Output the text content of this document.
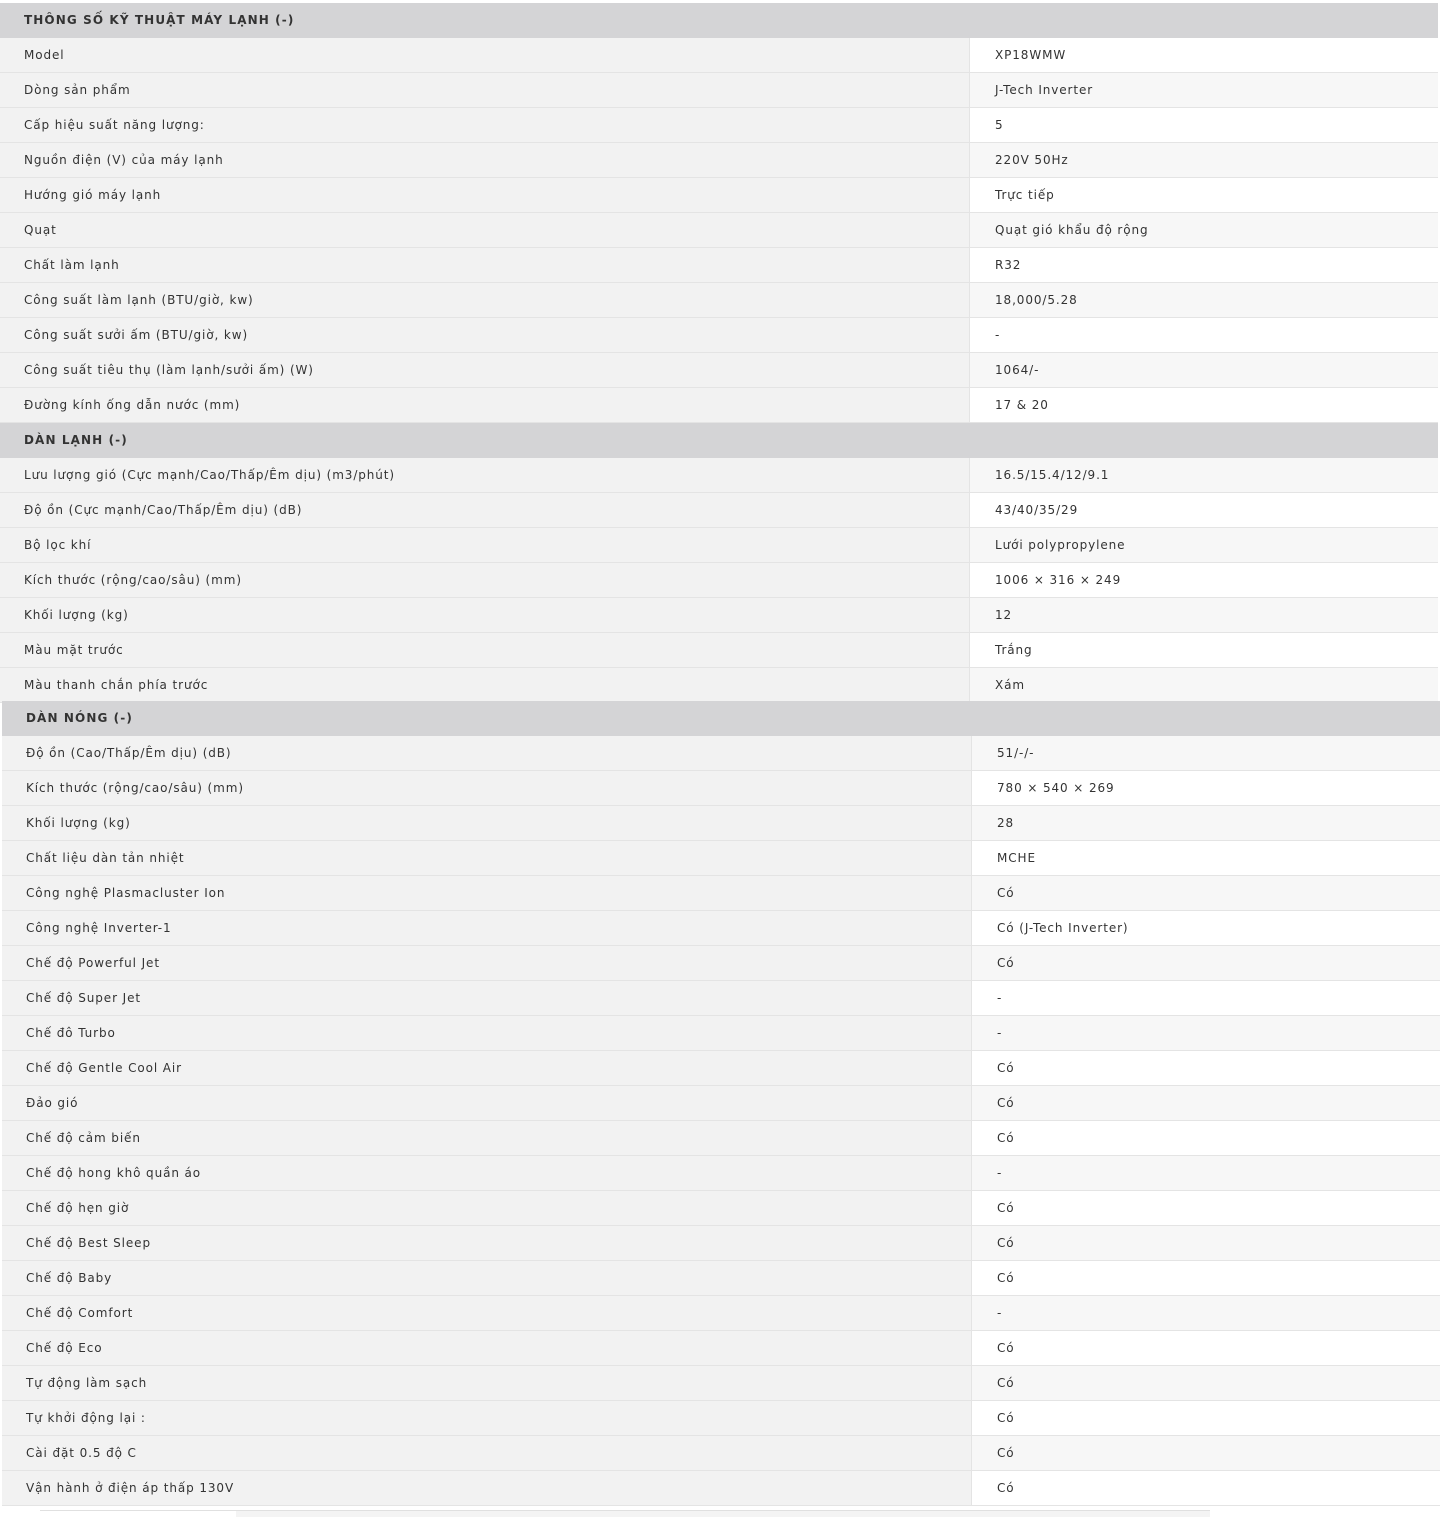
THÔNG SỐ KỸ THUẬT MÁY LẠNH (-)
Model	XP18WMW
Dòng sản phẩm	J-Tech Inverter
Cấp hiệu suất năng lượng:	5
Nguồn điện (V) của máy lạnh	220V 50Hz
Hướng gió máy lạnh	Trực tiếp
Quạt	Quạt gió khẩu độ rộng
Chất làm lạnh	R32
Công suất làm lạnh (BTU/giờ, kw)	18,000/5.28
Công suất sưởi ấm (BTU/giờ, kw)	-
Công suất tiêu thụ (làm lạnh/sưởi ấm) (W)	1064/-
Đường kính ống dẫn nước (mm)	17 & 20
DÀN LẠNH (-)
Lưu lượng gió (Cực mạnh/Cao/Thấp/Êm dịu) (m3/phút)	16.5/15.4/12/9.1
Độ ồn (Cực mạnh/Cao/Thấp/Êm dịu) (dB)	43/40/35/29
Bộ lọc khí	Lưới polypropylene
Kích thước (rộng/cao/sâu) (mm)	1006 × 316 × 249
Khối lượng (kg)	12
Màu mặt trước	Trắng
Màu thanh chắn phía trước	Xám
DÀN NÓNG (-)
Độ ồn (Cao/Thấp/Êm dịu) (dB)	51/-/-
Kích thước (rộng/cao/sâu) (mm)	780 × 540 × 269
Khối lượng (kg)	28
Chất liệu dàn tản nhiệt	MCHE
Công nghệ Plasmacluster Ion	Có
Công nghệ Inverter-1	Có (J-Tech Inverter)
Chế độ Powerful Jet	Có
Chế độ Super Jet	-
Chế đô Turbo	-
Chế độ Gentle Cool Air	Có
Đảo gió	Có
Chế độ cảm biến	Có
Chế độ hong khô quần áo	-
Chế độ hẹn giờ	Có
Chế độ Best Sleep	Có
Chế độ Baby	Có
Chế độ Comfort	-
Chế độ Eco	Có
Tự động làm sạch	Có
Tự khởi động lại :	Có
Cài đặt 0.5 độ C	Có
Vận hành ở điện áp thấp 130V	Có
